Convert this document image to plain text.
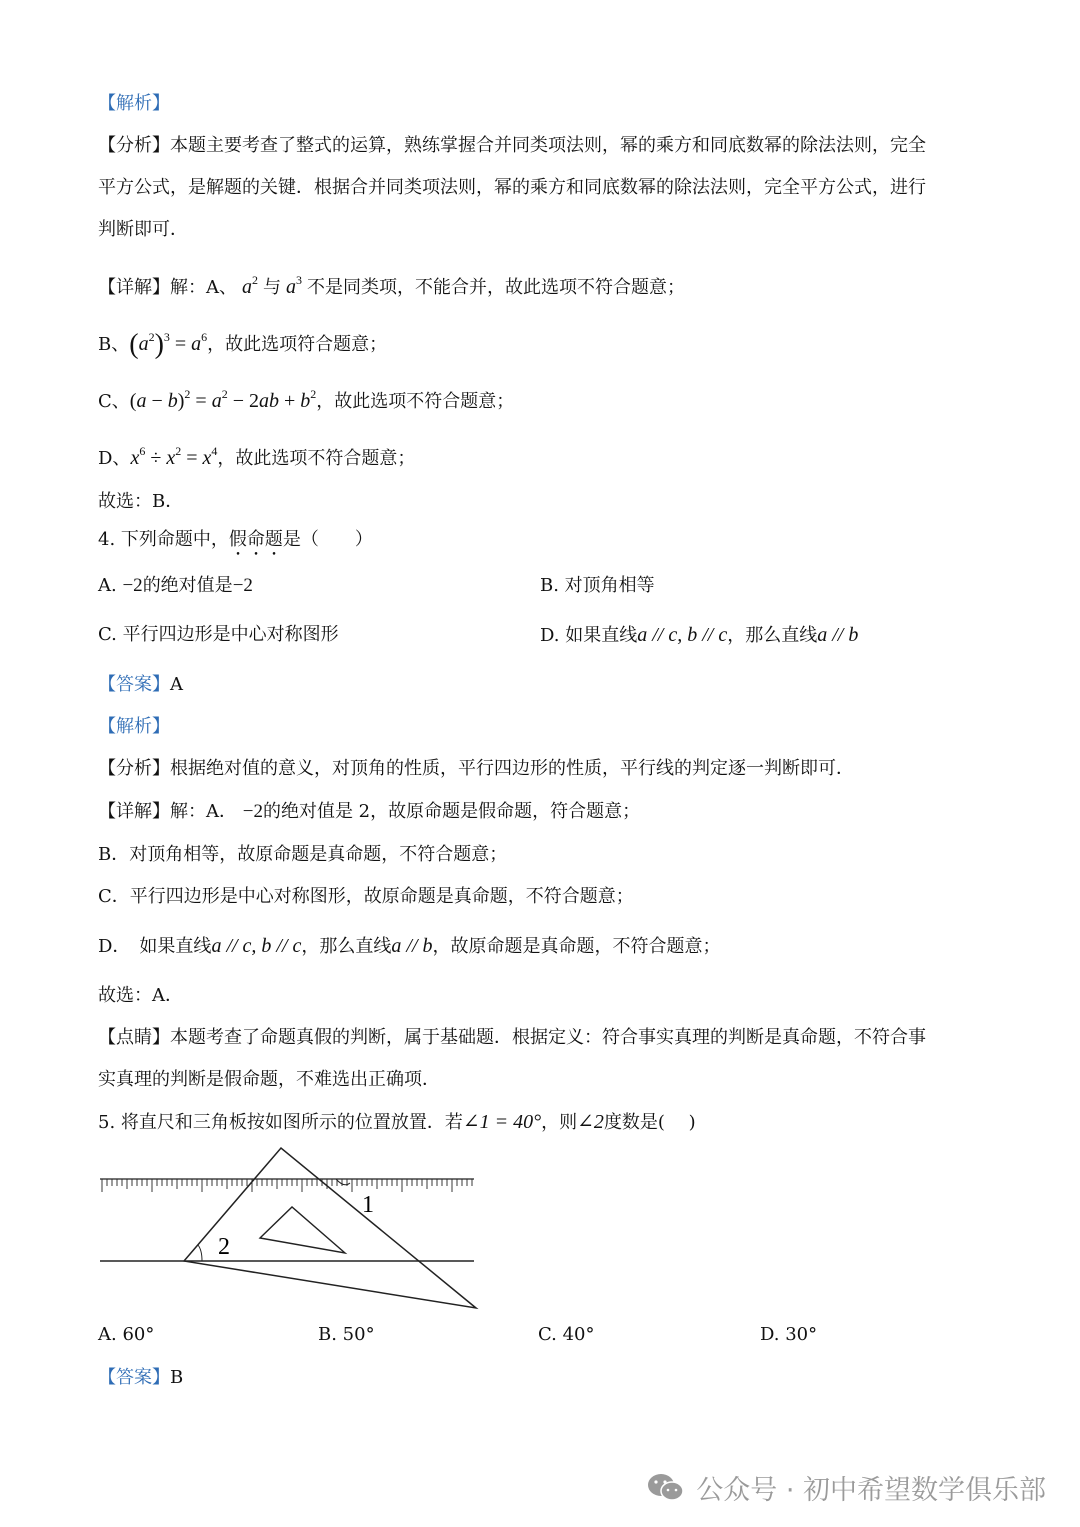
【解析】
【分析】本题主要考查了整式的运算，熟练掌握合并同类项法则，幂的乘方和同底数幂的除法法则，完全
平方公式，是解题的关键．根据合并同类项法则，幂的乘方和同底数幂的除法法则，完全平方公式，进行
判断即可．
【详解】解：A、 $a^2$ 与 $a^3$ 不是同类项，不能合并，故此选项不符合题意；
B、$(a^2)^3 = a^6$，故此选项符合题意；
C、$(a - b)^2 = a^2 - 2ab + b^2$，故此选项不符合题意；
D、$x^6 \div x^2 = x^4$，故此选项不符合题意；
故选：B．
4. 下列命题中，假命题是（　　）
A. −2的绝对值是−2	B. 对顶角相等
C. 平行四边形是中心对称图形	D. 如果直线a // c, b // c，那么直线a // b
【答案】A
【解析】
【分析】根据绝对值的意义，对顶角的性质，平行四边形的性质，平行线的判定逐一判断即可．
【详解】解：A． −2的绝对值是 2，故原命题是假命题，符合题意；
B．对顶角相等，故原命题是真命题，不符合题意；
C．平行四边形是中心对称图形，故原命题是真命题，不符合题意；
D．　如果直线a // c, b // c，那么直线a // b，故原命题是真命题，不符合题意；
故选：A．
【点睛】本题考查了命题真假的判断，属于基础题．根据定义：符合事实真理的判断是真命题，不符合事
实真理的判断是假命题，不难选出正确项．
5. 将直尺和三角板按如图所示的位置放置．若∠1 = 40°，则∠2度数是(　 )
1
2
A. 60°	B. 50°	C. 40°	D. 30°
【答案】B
公众号 · 初中希望数学俱乐部
